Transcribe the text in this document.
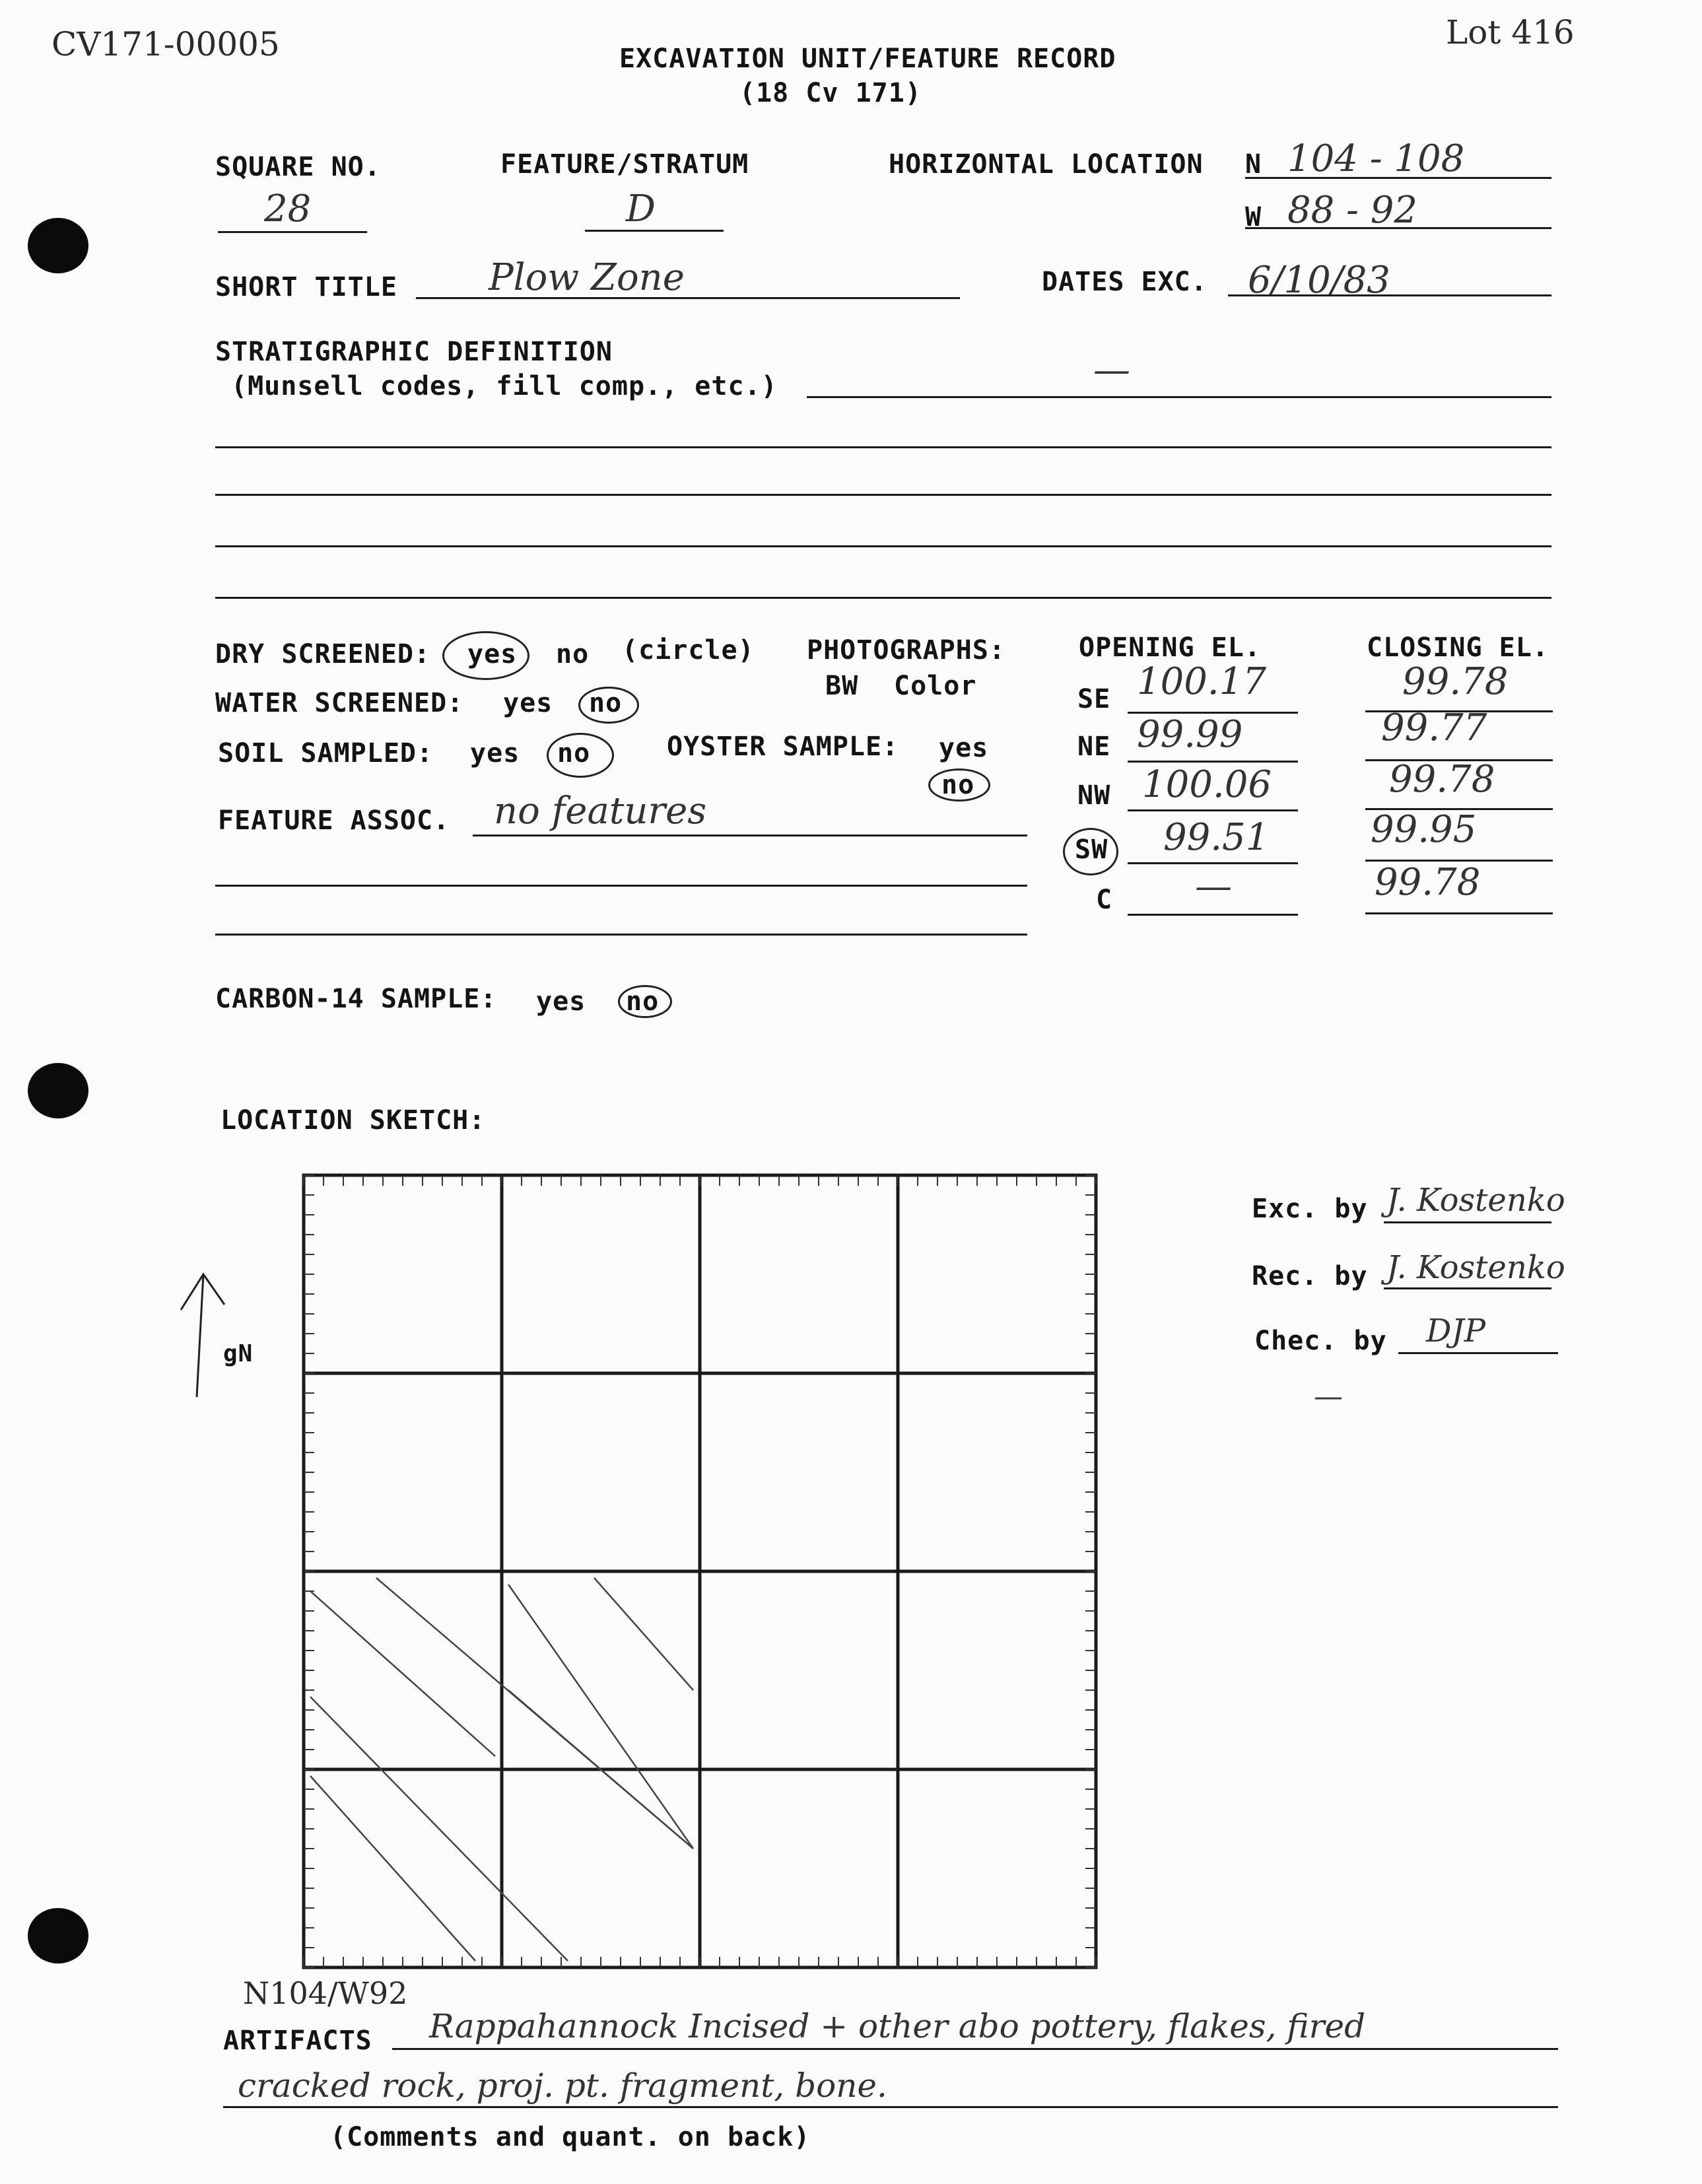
CV171-00005	Lot 416
EXCAVATION UNIT/FEATURE RECORD
(18 Cv 171)
SQUARE NO.
28
FEATURE/STRATUM
D
HORIZONTAL LOCATION N 104 - 108
W 88 - 92
SHORT TITLE Plow Zone	DATES EXC. 6/10/83
STRATIGRAPHIC DEFINITION
(Munsell codes, fill comp., etc.)	—
DRY SCREENED: yes no (circle)
WATER SCREENED: yes no
SOIL SAMPLED: yes no
PHOTOGRAPHS:
BW Color
OYSTER SAMPLE: yes
no
FEATURE ASSOC. no features
CARBON-14 SAMPLE: yes no
OPENING EL.	CLOSING EL.
SE 100.17	99.78
NE 99.99	99.77
NW 100.06	99.78
SW 99.51	99.95
C —	99.78
LOCATION SKETCH:
gN
N104/W92
Exc. by J. Kostenko
Rec. by J. Kostenko
Chec. by DJP
—
ARTIFACTS Rappahannock Incised + other abo pottery, flakes, fired
cracked rock, proj. pt. fragment, bone.
(Comments and quant. on back)
